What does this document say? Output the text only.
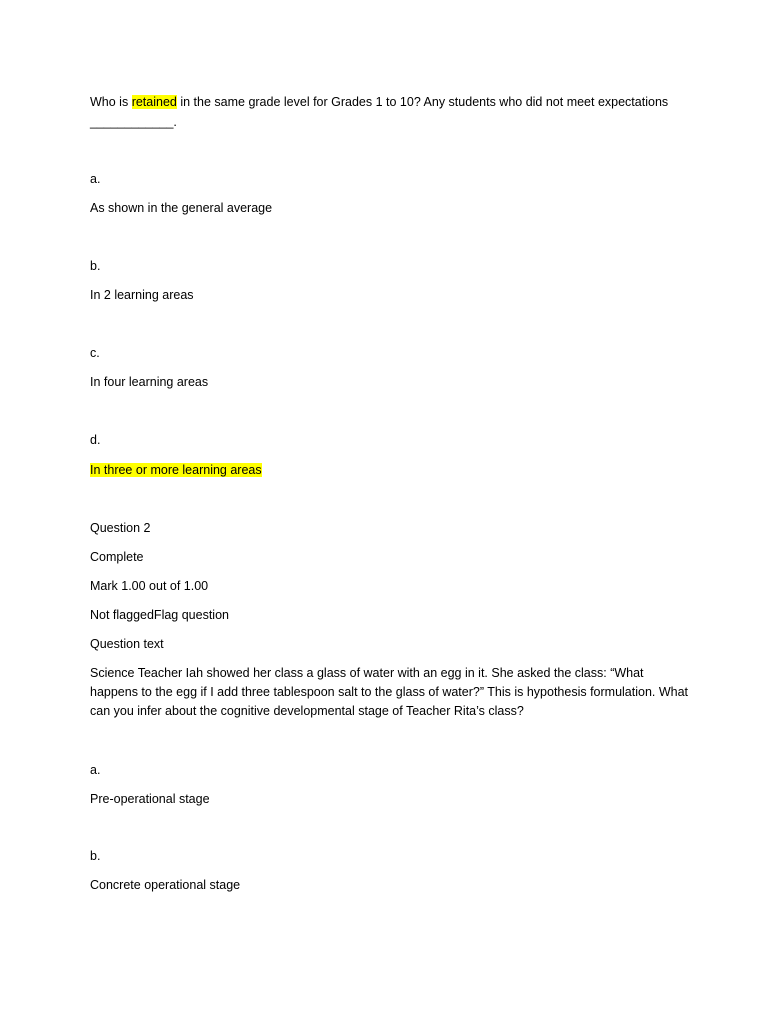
Who is retained in the same grade level for Grades 1 to 10? Any students who did not meet expectations
____________.
a.
As shown in the general average
b.
In 2 learning areas
c.
In four learning areas
d.
In three or more learning areas
Question 2
Complete
Mark 1.00 out of 1.00
Not flaggedFlag question
Question text
Science Teacher Iah showed her class a glass of water with an egg in it. She asked the class: “What happens to the egg if I add three tablespoon salt to the glass of water?” This is hypothesis formulation. What can you infer about the cognitive developmental stage of Teacher Rita’s class?
a.
Pre-operational stage
b.
Concrete operational stage
